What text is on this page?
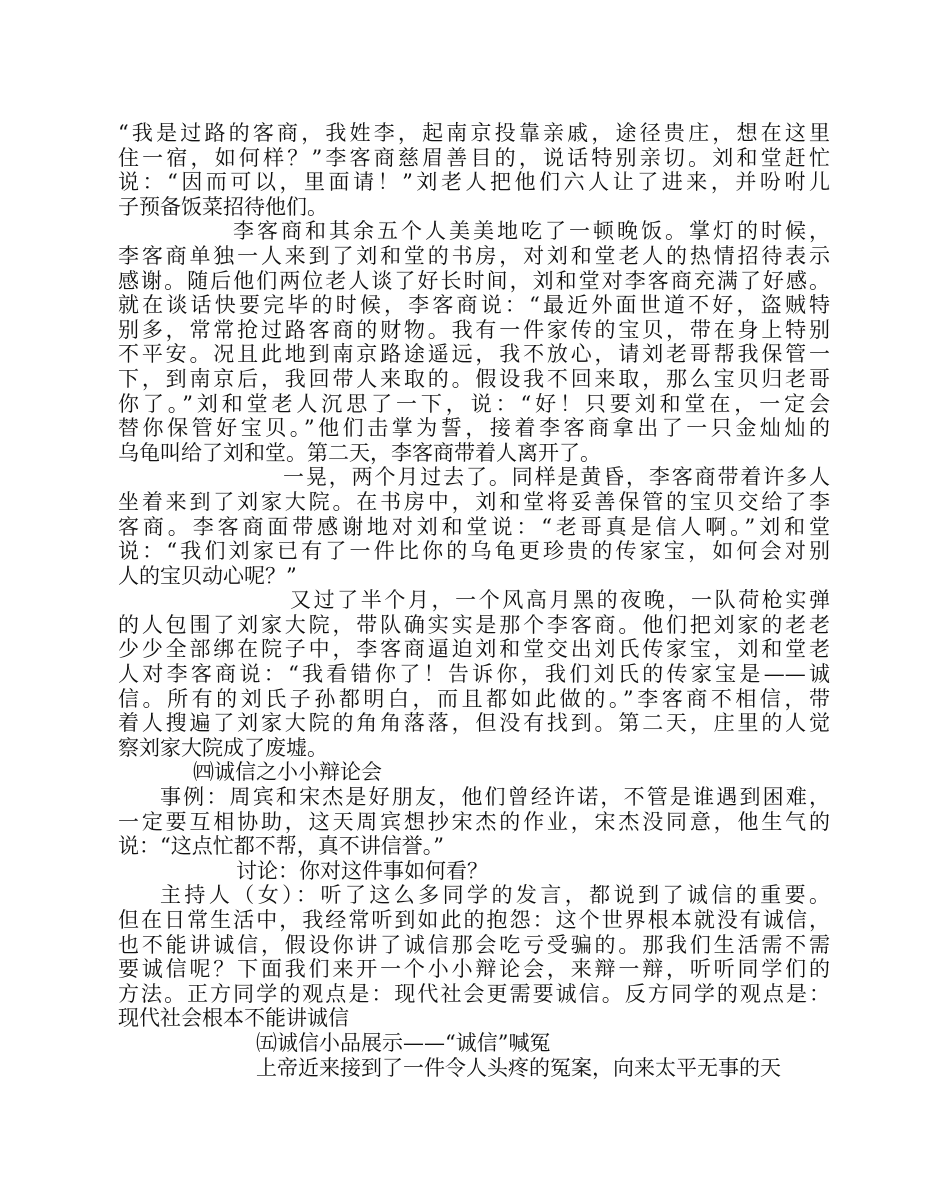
“我是过路的客商，我姓李，起南京投靠亲戚，途径贵庄，想在这里
住一宿，如何样？”李客商慈眉善目的，说话特别亲切。刘和堂赶忙
说：“因而可以，里面请！”刘老人把他们六人让了进来，并吩咐儿
子预备饭菜招待他们。
李客商和其余五个人美美地吃了一顿晚饭。掌灯的时候，
李客商单独一人来到了刘和堂的书房，对刘和堂老人的热情招待表示
感谢。随后他们两位老人谈了好长时间，刘和堂对李客商充满了好感。
就在谈话快要完毕的时候，李客商说：“最近外面世道不好，盗贼特
别多，常常抢过路客商的财物。我有一件家传的宝贝，带在身上特别
不平安。况且此地到南京路途遥远，我不放心，请刘老哥帮我保管一
下，到南京后，我回带人来取的。假设我不回来取，那么宝贝归老哥
你了。”刘和堂老人沉思了一下，说：“好！只要刘和堂在，一定会
替你保管好宝贝。”他们击掌为誓，接着李客商拿出了一只金灿灿的
乌龟叫给了刘和堂。第二天，李客商带着人离开了。
一晃，两个月过去了。同样是黄昏，李客商带着许多人
坐着来到了刘家大院。在书房中，刘和堂将妥善保管的宝贝交给了李
客商。李客商面带感谢地对刘和堂说：“老哥真是信人啊。”刘和堂
说：“我们刘家已有了一件比你的乌龟更珍贵的传家宝，如何会对别
人的宝贝动心呢？”
又过了半个月，一个风高月黑的夜晚，一队荷枪实弹
的人包围了刘家大院，带队确实实是那个李客商。他们把刘家的老老
少少全部绑在院子中，李客商逼迫刘和堂交出刘氏传家宝，刘和堂老
人对李客商说：“我看错你了！告诉你，我们刘氏的传家宝是——诚
信。所有的刘氏子孙都明白，而且都如此做的。”李客商不相信，带
着人搜遍了刘家大院的角角落落，但没有找到。第二天，庄里的人觉
察刘家大院成了废墟。
㈣诚信之小小辩论会
事例：周宾和宋杰是好朋友，他们曾经许诺，不管是谁遇到困难，
一定要互相协助，这天周宾想抄宋杰的作业，宋杰没同意，他生气的
说：“这点忙都不帮，真不讲信誉。”
讨论：你对这件事如何看？
主持人（女）：听了这么多同学的发言，都说到了诚信的重要。
但在日常生活中，我经常听到如此的抱怨：这个世界根本就没有诚信，
也不能讲诚信，假设你讲了诚信那会吃亏受骗的。那我们生活需不需
要诚信呢？下面我们来开一个小小辩论会，来辩一辩，听听同学们的
方法。正方同学的观点是：现代社会更需要诚信。反方同学的观点是：
现代社会根本不能讲诚信
㈤诚信小品展示——“诚信”喊冤
上帝近来接到了一件令人头疼的冤案，向来太平无事的天
